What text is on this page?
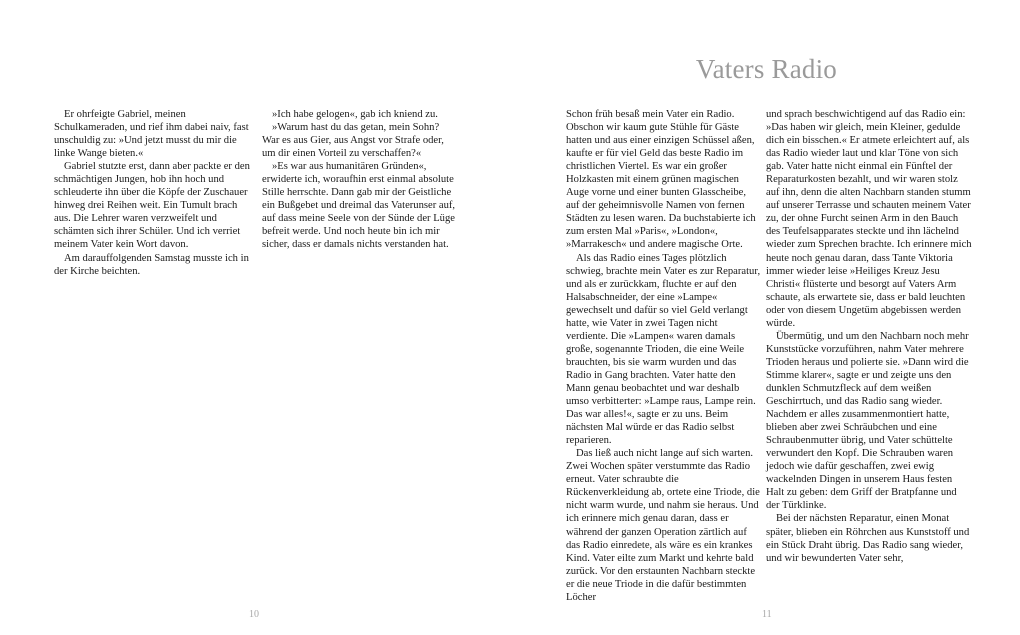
Er ohrfeigte Gabriel, meinen Schulkameraden, und rief ihm dabei naiv, fast unschuldig zu: »Und jetzt musst du mir die linke Wange bieten.«

Gabriel stutzte erst, dann aber packte er den schmächtigen Jungen, hob ihn hoch und schleuderte ihn über die Köpfe der Zuschauer hinweg drei Reihen weit. Ein Tumult brach aus. Die Lehrer waren verzweifelt und schämten sich ihrer Schüler. Und ich verriet meinem Vater kein Wort davon.

Am darauffolgenden Samstag musste ich in der Kirche beichten.

»Ich habe gelogen«, gab ich kniend zu.

»Warum hast du das getan, mein Sohn? War es aus Gier, aus Angst vor Strafe oder, um dir einen Vorteil zu verschaffen?«

»Es war aus humanitären Gründen«, erwiderte ich, woraufhin erst einmal absolute Stille herrschte. Dann gab mir der Geistliche ein Bußgebet und dreimal das Vaterunser auf, auf dass meine Seele von der Sünde der Lüge befreit werde. Und noch heute bin ich mir sicher, dass er damals nichts verstanden hat.

10
Vaters Radio

Schon früh besaß mein Vater ein Radio. Obschon wir kaum gute Stühle für Gäste hatten und aus einer einzigen Schüssel aßen, kaufte er für viel Geld das beste Radio im christlichen Viertel. Es war ein großer Holzkasten mit einem grünen magischen Auge vorne und einer bunten Glasscheibe, auf der geheimnisvolle Namen von fernen Städten zu lesen waren. Da buchstabierte ich zum ersten Mal »Paris«, »London«, »Marrakesch« und andere magische Orte.

Als das Radio eines Tages plötzlich schwieg, brachte mein Vater es zur Reparatur, und als er zurückkam, fluchte er auf den Halsabschneider, der eine »Lampe« gewechselt und dafür so viel Geld verlangt hatte, wie Vater in zwei Tagen nicht verdiente. Die »Lampen« waren damals große, sogenannte Trioden, die eine Weile brauchten, bis sie warm wurden und das Radio in Gang brachten. Vater hatte den Mann genau beobachtet und war deshalb umso verbitterter: »Lampe raus, Lampe rein. Das war alles!«, sagte er zu uns. Beim nächsten Mal würde er das Radio selbst reparieren.

Das ließ auch nicht lange auf sich warten. Zwei Wochen später verstummte das Radio erneut. Vater schraubte die Rückenverkleidung ab, ortete eine Triode, die nicht warm wurde, und nahm sie heraus. Und ich erinnere mich genau daran, dass er während der ganzen Operation zärtlich auf das Radio einredete, als wäre es ein krankes Kind. Vater eilte zum Markt und kehrte bald zurück. Vor den erstaunten Nachbarn steckte er die neue Triode in die dafür bestimmten Löcher

und sprach beschwichtigend auf das Radio ein: »Das haben wir gleich, mein Kleiner, gedulde dich ein bisschen.« Er atmete erleichtert auf, als das Radio wieder laut und klar Töne von sich gab. Vater hatte nicht einmal ein Fünftel der Reparaturkosten bezahlt, und wir waren stolz auf ihn, denn die alten Nachbarn standen stumm auf unserer Terrasse und schauten meinem Vater zu, der ohne Furcht seinen Arm in den Bauch des Teufelsapparates steckte und ihn lächelnd wieder zum Sprechen brachte. Ich erinnere mich heute noch genau daran, dass Tante Viktoria immer wieder leise »Heiliges Kreuz Jesu Christi« flüsterte und besorgt auf Vaters Arm schaute, als erwartete sie, dass er bald leuchten oder von diesem Ungetüm abgebissen werden würde.

Übermütig, und um den Nachbarn noch mehr Kunststücke vorzuführen, nahm Vater mehrere Trioden heraus und polierte sie. »Dann wird die Stimme klarer«, sagte er und zeigte uns den dunklen Schmutzfleck auf dem weißen Geschirrtuch, und das Radio sang wieder. Nachdem er alles zusammenmontiert hatte, blieben aber zwei Schräubchen und eine Schraubenmutter übrig, und Vater schüttelte verwundert den Kopf. Die Schrauben waren jedoch wie dafür geschaffen, zwei ewig wackelnden Dingen in unserem Haus festen Halt zu geben: dem Griff der Bratpfanne und der Türklinke.

Bei der nächsten Reparatur, einen Monat später, blieben ein Röhrchen aus Kunststoff und ein Stück Draht übrig. Das Radio sang wieder, und wir bewunderten Vater sehr,

11
